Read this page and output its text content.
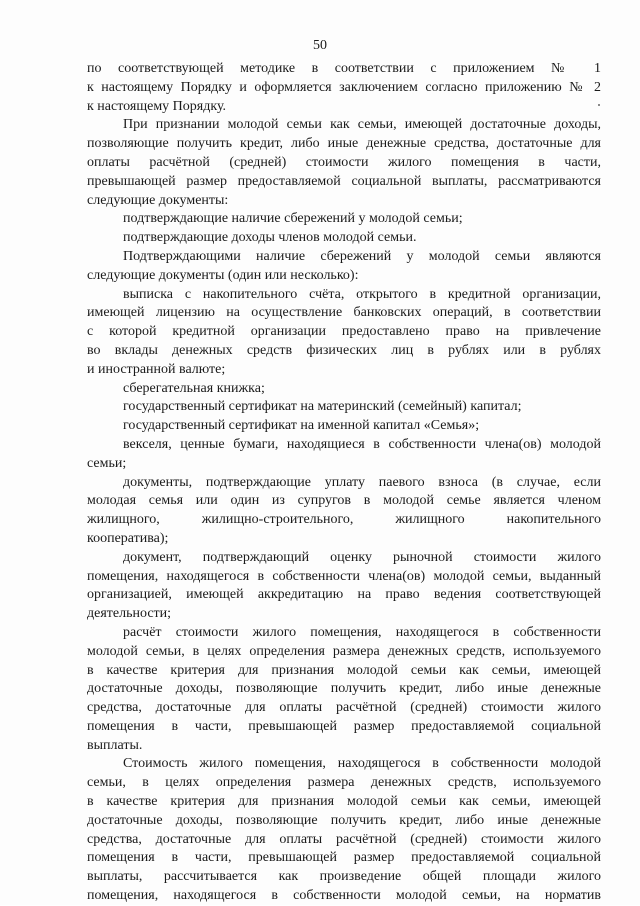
50
по соответствующей методике в соответствии с приложением № 1
к настоящему Порядку и оформляется заключением согласно приложению № 2
к настоящему Порядку.
При признании молодой семьи как семьи, имеющей достаточные доходы,
позволяющие получить кредит, либо иные денежные средства, достаточные для
оплаты расчётной (средней) стоимости жилого помещения в части,
превышающей размер предоставляемой социальной выплаты, рассматриваются
следующие документы:
подтверждающие наличие сбережений у молодой семьи;
подтверждающие доходы членов молодой семьи.
Подтверждающими наличие сбережений у молодой семьи являются
следующие документы (один или несколько):
выписка с накопительного счёта, открытого в кредитной организации,
имеющей лицензию на осуществление банковских операций, в соответствии
с которой кредитной организации предоставлено право на привлечение
во вклады денежных средств физических лиц в рублях или в рублях
и иностранной валюте;
сберегательная книжка;
государственный сертификат на материнский (семейный) капитал;
государственный сертификат на именной капитал «Семья»;
векселя, ценные бумаги, находящиеся в собственности члена(ов) молодой
семьи;
документы, подтверждающие уплату паевого взноса (в случае, если
молодая семья или один из супругов в молодой семье является членом
жилищного, жилищно-строительного, жилищного накопительного
кооператива);
документ, подтверждающий оценку рыночной стоимости жилого
помещения, находящегося в собственности члена(ов) молодой семьи, выданный
организацией, имеющей аккредитацию на право ведения соответствующей
деятельности;
расчёт стоимости жилого помещения, находящегося в собственности
молодой семьи, в целях определения размера денежных средств, используемого
в качестве критерия для признания молодой семьи как семьи, имеющей
достаточные доходы, позволяющие получить кредит, либо иные денежные
средства, достаточные для оплаты расчётной (средней) стоимости жилого
помещения в части, превышающей размер предоставляемой социальной
выплаты.
Стоимость жилого помещения, находящегося в собственности молодой
семьи, в целях определения размера денежных средств, используемого
в качестве критерия для признания молодой семьи как семьи, имеющей
достаточные доходы, позволяющие получить кредит, либо иные денежные
средства, достаточные для оплаты расчётной (средней) стоимости жилого
помещения в части, превышающей размер предоставляемой социальной
выплаты, рассчитывается как произведение общей площади жилого
помещения, находящегося в собственности молодой семьи, на норматив
